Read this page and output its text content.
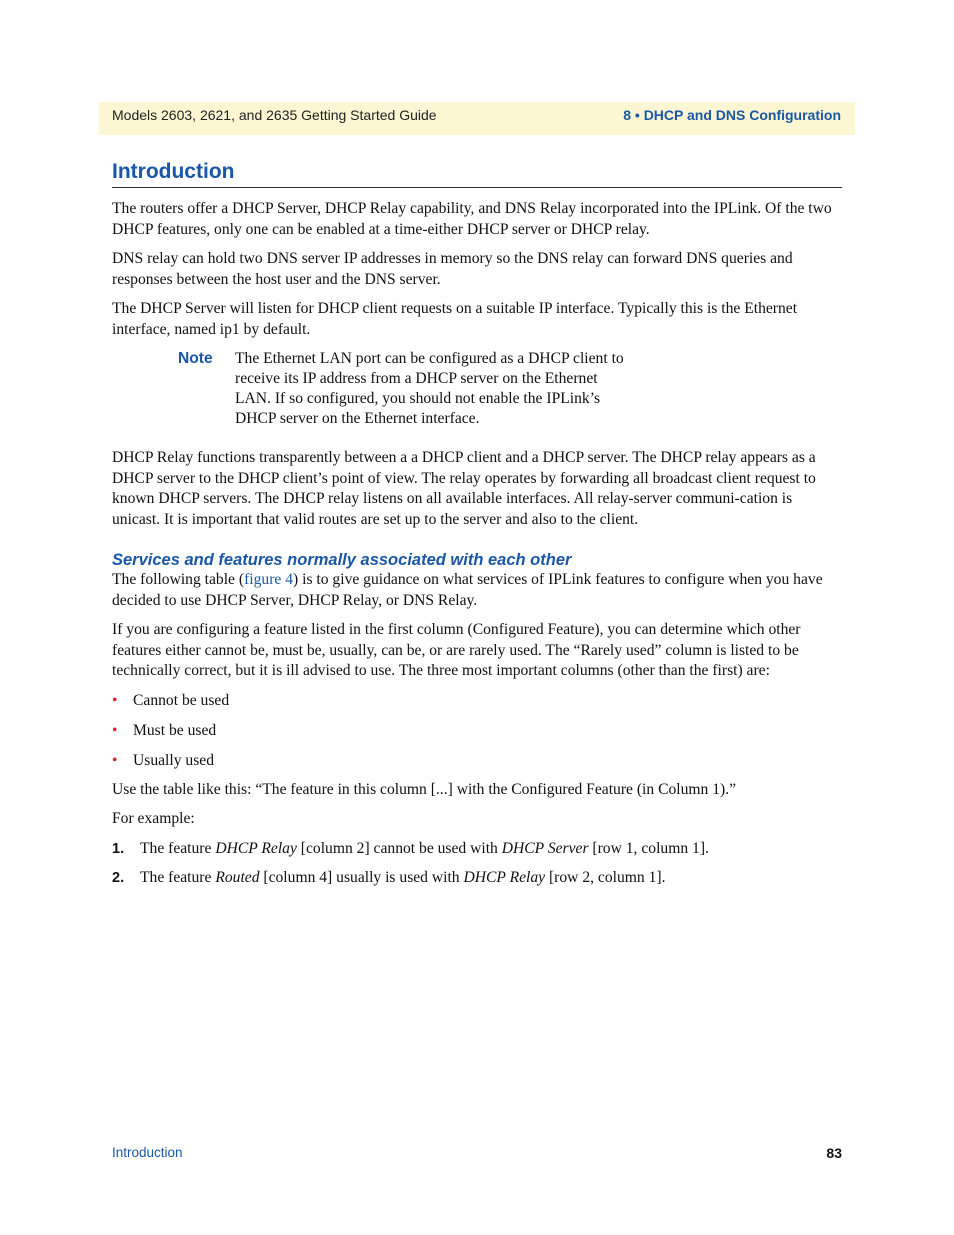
Models 2603, 2621, and 2635 Getting Started Guide	8 • DHCP and DNS Configuration
Introduction

The routers offer a DHCP Server, DHCP Relay capability, and DNS Relay incorporated into the IPLink. Of the two DHCP features, only one can be enabled at a time-either DHCP server or DHCP relay.

DNS relay can hold two DNS server IP addresses in memory so the DNS relay can forward DNS queries and responses between the host user and the DNS server.

The DHCP Server will listen for DHCP client requests on a suitable IP interface. Typically this is the Ethernet interface, named ip1 by default.

Note The Ethernet LAN port can be configured as a DHCP client to receive its IP address from a DHCP server on the Ethernet LAN. If so configured, you should not enable the IPLink’s DHCP server on the Ethernet interface.

DHCP Relay functions transparently between a a DHCP client and a DHCP server. The DHCP relay appears as a DHCP server to the DHCP client’s point of view. The relay operates by forwarding all broadcast client request to known DHCP servers. The DHCP relay listens on all available interfaces. All relay-server communi-cation is unicast. It is important that valid routes are set up to the server and also to the client.

Services and features normally associated with each other

The following table (figure 4) is to give guidance on what services of IPLink features to configure when you have decided to use DHCP Server, DHCP Relay, or DNS Relay.

If you are configuring a feature listed in the first column (Configured Feature), you can determine which other features either cannot be, must be, usually, can be, or are rarely used. The “Rarely used” column is listed to be technically correct, but it is ill advised to use. The three most important columns (other than the first) are:

• Cannot be used
• Must be used
• Usually used

Use the table like this: “The feature in this column [...] with the Configured Feature (in Column 1).”

For example:

1. The feature DHCP Relay [column 2] cannot be used with DHCP Server [row 1, column 1].
2. The feature Routed [column 4] usually is used with DHCP Relay [row 2, column 1].
Introduction	83
